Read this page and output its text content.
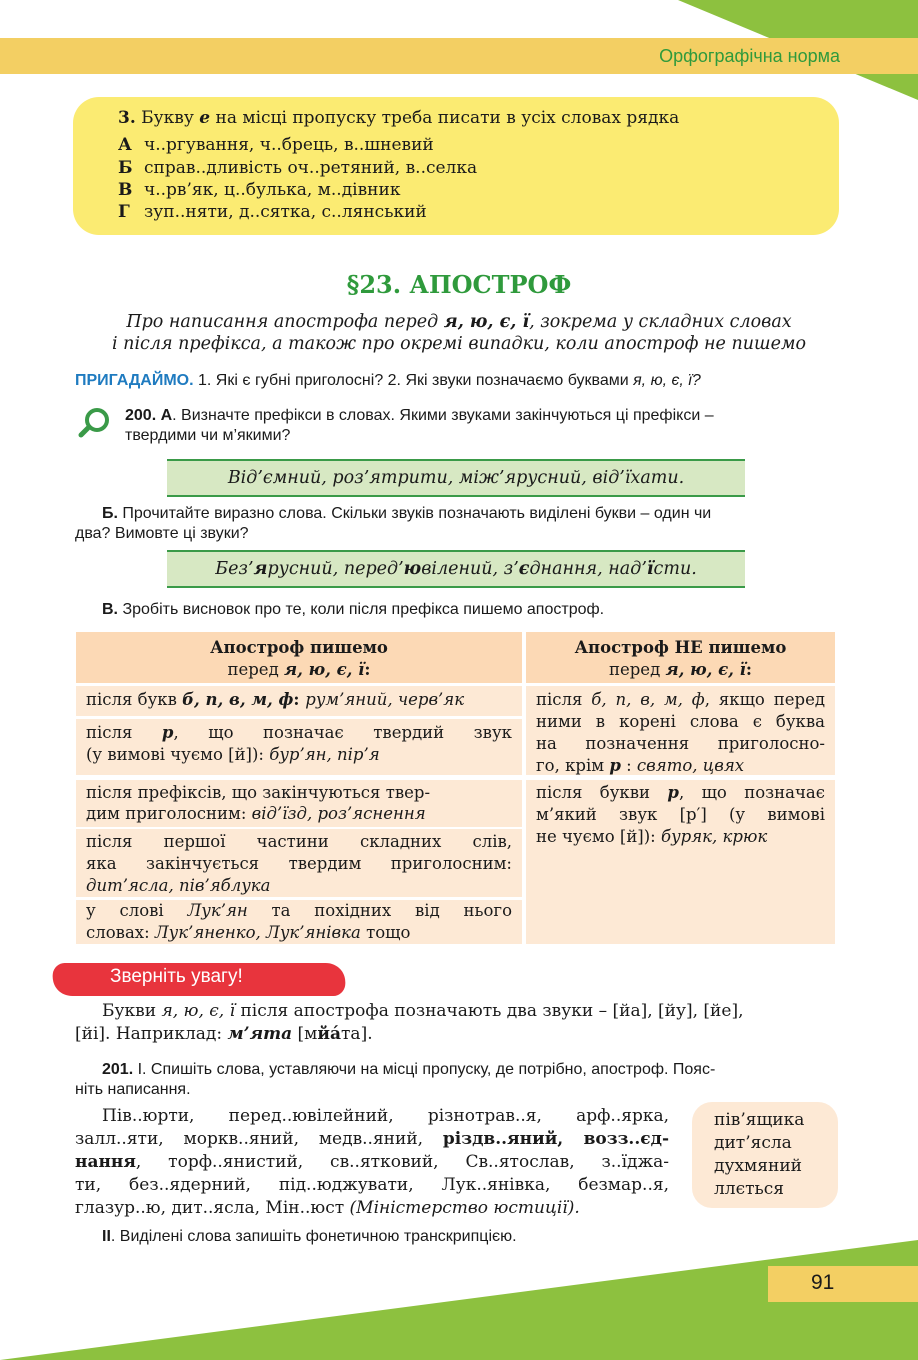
Орфографічна норма
3. Букву е на місці пропуску треба писати в усіх словах рядка
А ч..ргування, ч..брець, в..шневий
Б справ..дливість оч..ретяний, в..селка
В ч..рв’як, ц..булька, м..дівник
Г зуп..няти, д..сятка, с..лянський
§23. АПОСТРОФ
Про написання апострофа перед я, ю, є, ї, зокрема у складних словах
і після префікса, а також про окремі випадки, коли апостроф не пишемо
ПРИГАДАЙМО. 1. Які є губні приголосні? 2. Які звуки позначаємо буквами я, ю, є, ї?
200. А. Визначте префікси в словах. Якими звуками закінчуються ці префікси –
твердими чи м’якими?
Від’ємний, роз’ятрити, між’ярусний, від’їхати.
Б. Прочитайте виразно слова. Скільки звуків позначають виділені букви – один чи
два? Вимовте ці звуки?
Без’ я русний, перед’ ю вілений, з’ є днання, над’ ї сти.
В. Зробіть висновок про те, коли після префікса пишемо апостроф.
Апостроф пишемо
перед я, ю, є, ї:
Апостроф НЕ пишемо
перед я, ю, є, ї:
після букв б, п, в, м, ф: рум’яний, черв’як
після р, що позначає твердий звук
(у вимові чуємо [й]): бур’ян, пір’я
після префіксів, що закінчуються твер-
дим приголосним: від’їзд, роз’яснення
після першої частини складних слів,
яка закінчується твердим приголосним:
дит’ясла, пів’яблука
у слові Лук’ян та похідних від нього
словах: Лук’яненко, Лук’янівка тощо
після б, п, в, м, ф, якщо перед
ними в корені слова є буква
на позначення приголосно-
го, крім р : свято, цвях
після букви р, що позначає
м’який звук [р′] (у вимові
не чуємо [й]): буряк, крюк
Зверніть увагу!
Букви я, ю, є, ї після апострофа позначають два звуки – [йа], [йу], [йе],
[йі]. Наприклад: м’ята [мйáта].
201. І. Спишіть слова, уставляючи на місці пропуску, де потрібно, апостроф. Пояс-
ніть написання.
Пів..юрти, перед..ювілейний, різнотрав..я, арф..ярка,
залл..яти, моркв..яний, медв..яний, різдв..яний, возз..єд-
нання, торф..янистий, св..ятковий, Св..ятослав, з..їджа-
ти, без..ядерний, під..юджувати, Лук..янівка, безмар..я,
глазур..ю, дит..ясла, Мін..юст (Міністерство юстиції).
пів’ящика
дит’ясла
духмяний
ллється
ІІ. Виділені слова запишіть фонетичною транскрипцією.
91
